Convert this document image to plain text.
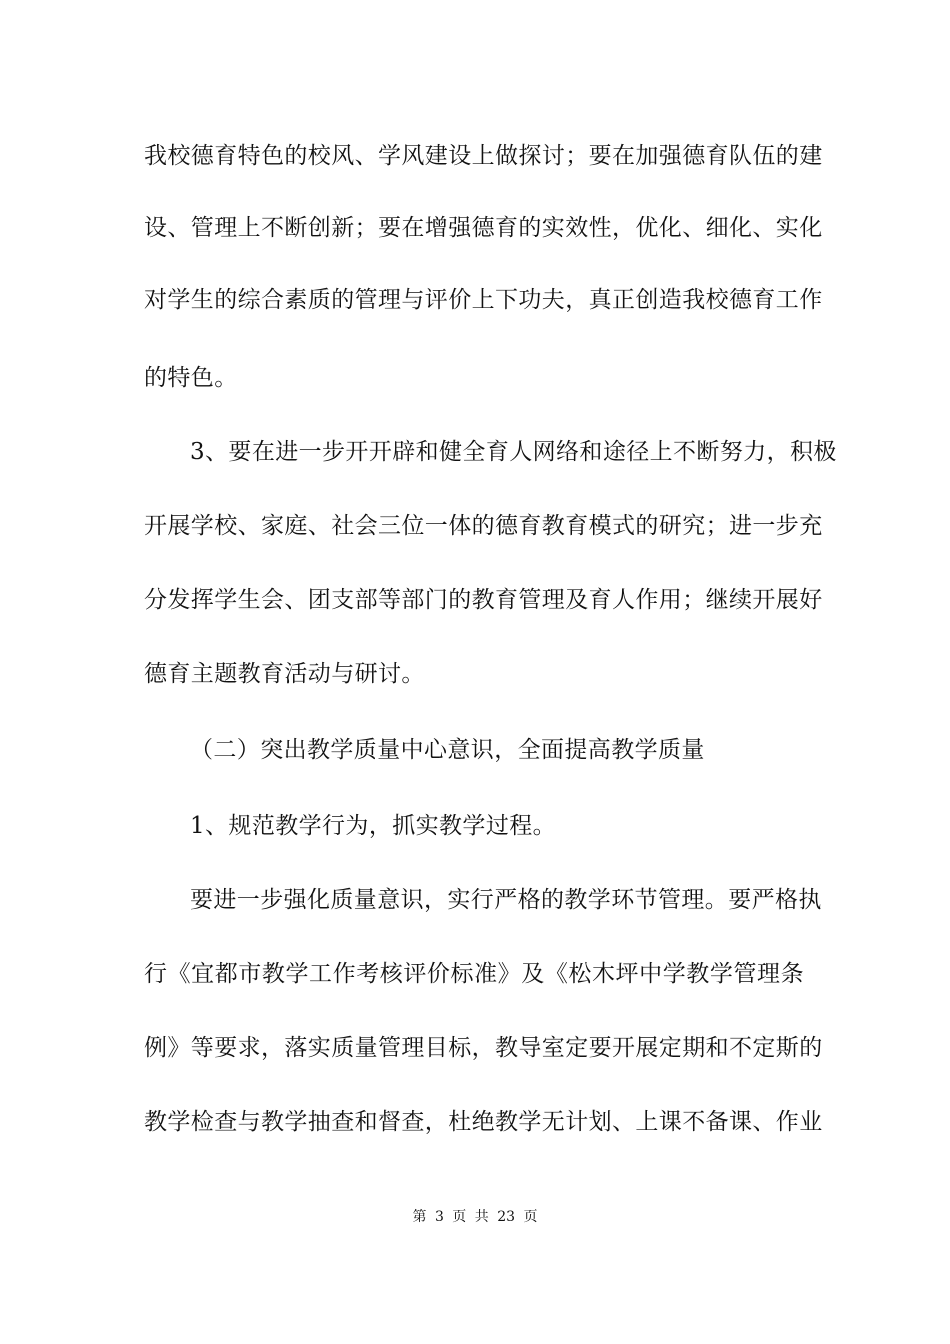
我校德育特色的校风、学风建设上做探讨；要在加强德育队伍的建
设、管理上不断创新；要在增强德育的实效性，优化、细化、实化
对学生的综合素质的管理与评价上下功夫，真正创造我校德育工作
的特色。
3、要在进一步开开辟和健全育人网络和途径上不断努力，积极
开展学校、家庭、社会三位一体的德育教育模式的研究；进一步充
分发挥学生会、团支部等部门的教育管理及育人作用；继续开展好
德育主题教育活动与研讨。
（二）突出教学质量中心意识，全面提高教学质量
1、规范教学行为，抓实教学过程。
要进一步强化质量意识，实行严格的教学环节管理。要严格执
行《宜都市教学工作考核评价标准》及《松木坪中学教学管理条
例》等要求，落实质量管理目标，教导室定要开展定期和不定斯的
教学检查与教学抽查和督查，杜绝教学无计划、上课不备课、作业
第 3 页 共 23 页
